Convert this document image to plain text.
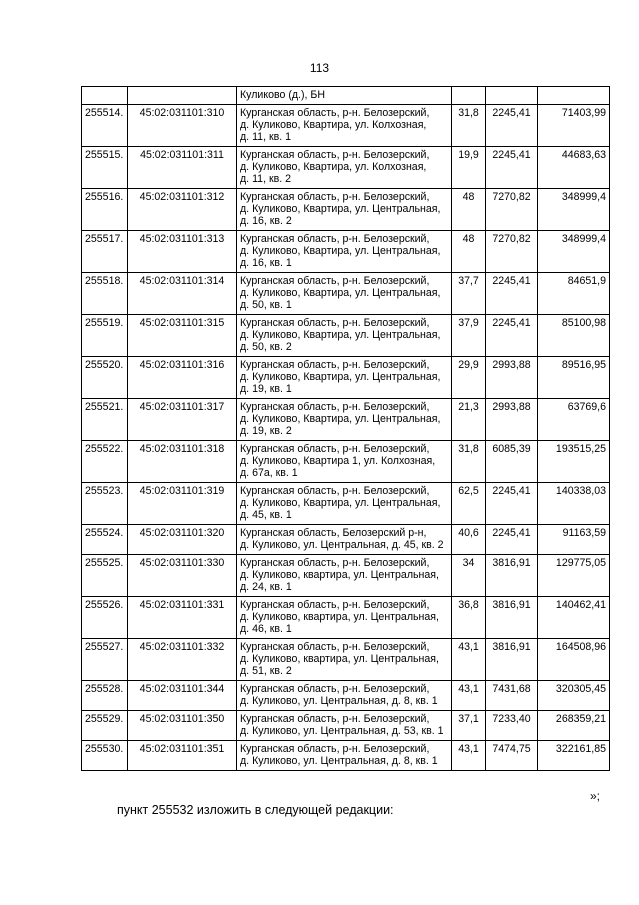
113
		Куликово (д.), БН			
255514.	45:02:031101:310	Курганская область, р-н. Белозерский,
д. Куликово, Квартира, ул. Колхозная,
д. 11, кв. 1	31,8	2245,41	71403,99
255515.	45:02:031101:311	Курганская область, р-н. Белозерский,
д. Куликово, Квартира, ул. Колхозная,
д. 11, кв. 2	19,9	2245,41	44683,63
255516.	45:02:031101:312	Курганская область, р-н. Белозерский,
д. Куликово, Квартира, ул. Центральная,
д. 16, кв. 2	48	7270,82	348999,4
255517.	45:02:031101:313	Курганская область, р-н. Белозерский,
д. Куликово, Квартира, ул. Центральная,
д. 16, кв. 1	48	7270,82	348999,4
255518.	45:02:031101:314	Курганская область, р-н. Белозерский,
д. Куликово, Квартира, ул. Центральная,
д. 50, кв. 1	37,7	2245,41	84651,9
255519.	45:02:031101:315	Курганская область, р-н. Белозерский,
д. Куликово, Квартира, ул. Центральная,
д. 50, кв. 2	37,9	2245,41	85100,98
255520.	45:02:031101:316	Курганская область, р-н. Белозерский,
д. Куликово, Квартира, ул. Центральная,
д. 19, кв. 1	29,9	2993,88	89516,95
255521.	45:02:031101:317	Курганская область, р-н. Белозерский,
д. Куликово, Квартира, ул. Центральная,
д. 19, кв. 2	21,3	2993,88	63769,6
255522.	45:02:031101:318	Курганская область, р-н. Белозерский,
д. Куликово, Квартира 1, ул. Колхозная,
д. 67а, кв. 1	31,8	6085,39	193515,25
255523.	45:02:031101:319	Курганская область, р-н. Белозерский,
д. Куликово, Квартира, ул. Центральная,
д. 45, кв. 1	62,5	2245,41	140338,03
255524.	45:02:031101:320	Курганская область, Белозерский р-н,
д. Куликово, ул. Центральная, д. 45, кв. 2	40,6	2245,41	91163,59
255525.	45:02:031101:330	Курганская область, р-н. Белозерский,
д. Куликово, квартира, ул. Центральная,
д. 24, кв. 1	34	3816,91	129775,05
255526.	45:02:031101:331	Курганская область, р-н. Белозерский,
д. Куликово, квартира, ул. Центральная,
д. 46, кв. 1	36,8	3816,91	140462,41
255527.	45:02:031101:332	Курганская область, р-н. Белозерский,
д. Куликово, квартира, ул. Центральная,
д. 51, кв. 2	43,1	3816,91	164508,96
255528.	45:02:031101:344	Курганская область, р-н. Белозерский,
д. Куликово, ул. Центральная, д. 8, кв. 1	43,1	7431,68	320305,45
255529.	45:02:031101:350	Курганская область, р-н. Белозерский,
д. Куликово, ул. Центральная, д. 53, кв. 1	37,1	7233,40	268359,21
255530.	45:02:031101:351	Курганская область, р-н. Белозерский,
д. Куликово, ул. Центральная, д. 8, кв. 1	43,1	7474,75	322161,85
»;
пункт 255532 изложить в следующей редакции:
